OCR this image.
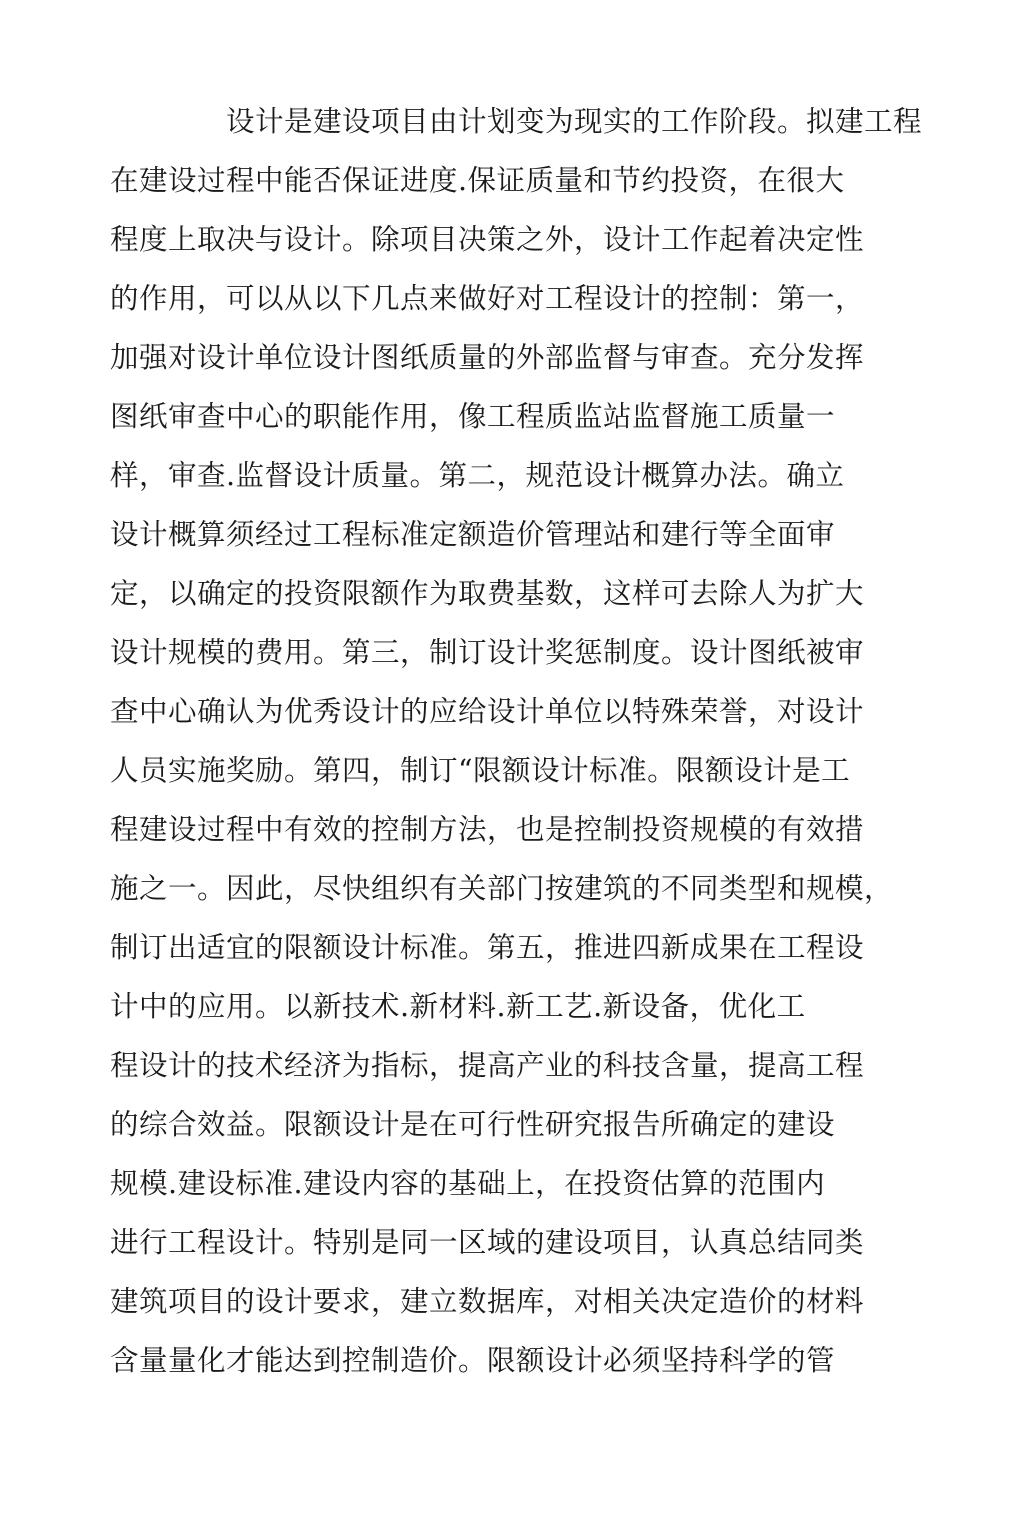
设计是建设项目由计划变为现实的工作阶段。拟建工程
在建设过程中能否保证进度.保证质量和节约投资，在很大
程度上取决与设计。除项目决策之外，设计工作起着决定性
的作用，可以从以下几点来做好对工程设计的控制：第一，
加强对设计单位设计图纸质量的外部监督与审查。充分发挥
图纸审查中心的职能作用，像工程质监站监督施工质量一
样，审查.监督设计质量。第二，规范设计概算办法。确立
设计概算须经过工程标准定额造价管理站和建行等全面审
定，以确定的投资限额作为取费基数，这样可去除人为扩大
设计规模的费用。第三，制订设计奖惩制度。设计图纸被审
查中心确认为优秀设计的应给设计单位以特殊荣誉，对设计
人员实施奖励。第四，制订“限额设计标准。限额设计是工
程建设过程中有效的控制方法，也是控制投资规模的有效措
施之一。因此，尽快组织有关部门按建筑的不同类型和规模，
制订出适宜的限额设计标准。第五，推进四新成果在工程设
计中的应用。以新技术.新材料.新工艺.新设备，优化工
程设计的技术经济为指标，提高产业的科技含量，提高工程
的综合效益。限额设计是在可行性研究报告所确定的建设
规模.建设标准.建设内容的基础上，在投资估算的范围内
进行工程设计。特别是同一区域的建设项目，认真总结同类
建筑项目的设计要求，建立数据库，对相关决定造价的材料
含量量化才能达到控制造价。限额设计必须坚持科学的管
